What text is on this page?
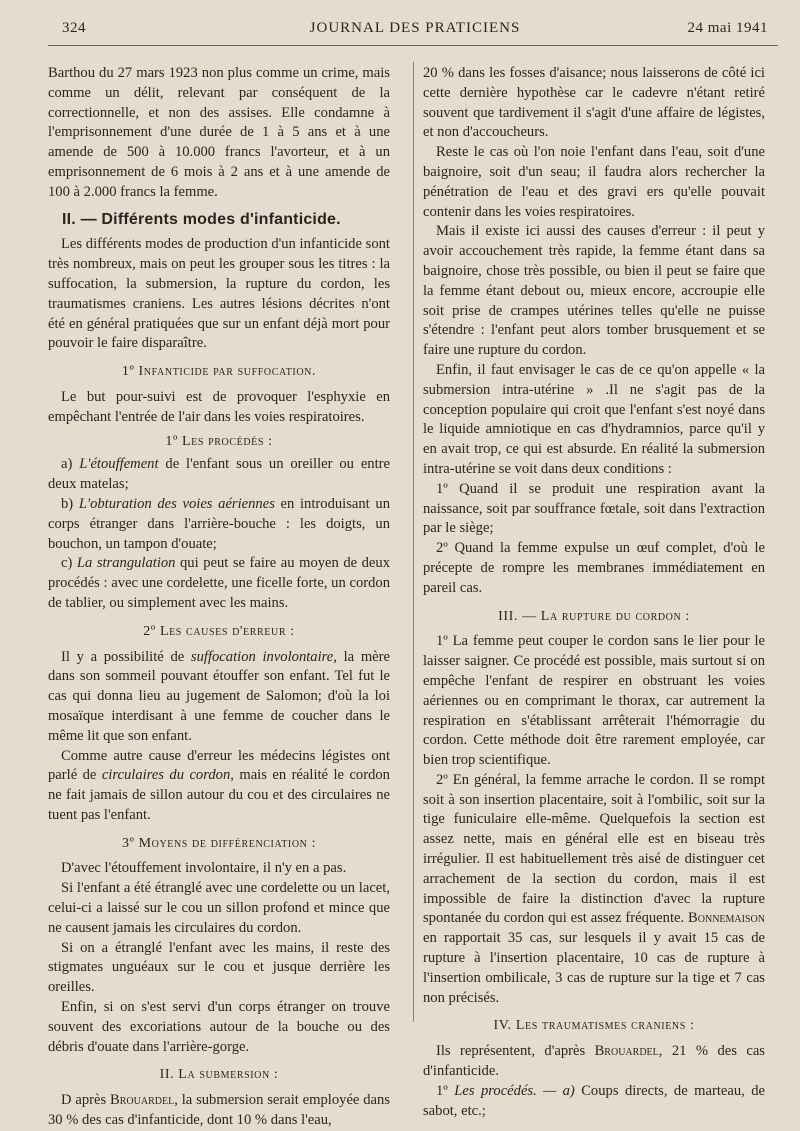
324	JOURNAL DES PRATICIENS	24 mai 1941

Barthou du 27 mars 1923 non plus comme un crime, mais comme un délit, relevant par conséquent de la correctionnelle, et non des assises. Elle condamne à l'emprisonnement d'une durée de 1 à 5 ans et à une amende de 500 à 10.000 francs l'avorteur, et à un emprisonnement de 6 mois à 2 ans et à une amende de 100 à 2.000 francs la femme.

II. — Différents modes d'infanticide.

Les différents modes de production d'un infanticide sont très nombreux, mais on peut les grouper sous les titres : la suffocation, la submersion, la rupture du cordon, les traumatismes craniens. Les autres lésions décrites n'ont été en général pratiquées que sur un enfant déjà mort pour pouvoir le faire disparaître.

1º Infanticide par suffocation.

Le but pour-suivi est de provoquer l'esphyxie en empêchant l'entrée de l'air dans les voies respiratoires.

1º Les procédés :

a) L'étouffement de l'enfant sous un oreiller ou entre deux matelas;

b) L'obturation des voies aériennes en introduisant un corps étranger dans l'arrière-bouche : les doigts, un bouchon, un tampon d'ouate;

c) La strangulation qui peut se faire au moyen de deux procédés : avec une cordelette, une ficelle forte, un cordon de tablier, ou simplement avec les mains.

2º Les causes d'erreur :

Il y a possibilité de suffocation involontaire, la mère dans son sommeil pouvant étouffer son enfant. Tel fut le cas qui donna lieu au jugement de Salomon; d'où la loi mosaïque interdisant à une femme de coucher dans le même lit que son enfant.

Comme autre cause d'erreur les médecins légistes ont parlé de circulaires du cordon, mais en réalité le cordon ne fait jamais de sillon autour du cou et des circulaires ne tuent pas l'enfant.

3º Moyens de différenciation :

D'avec l'étouffement involontaire, il n'y en a pas.

Si l'enfant a été étranglé avec une cordelette ou un lacet, celui-ci a laissé sur le cou un sillon profond et mince que ne causent jamais les circulaires du cordon.

Si on a étranglé l'enfant avec les mains, il reste des stigmates unguéaux sur le cou et jusque derrière les oreilles.

Enfin, si on s'est servi d'un corps étranger on trouve souvent des excoriations autour de la bouche ou des débris d'ouate dans l'arrière-gorge.

II. La submersion :

D après Brouardel, la submersion serait employée dans 30 % des cas d'infanticide, dont 10 % dans l'eau,

20 % dans les fosses d'aisance; nous laisserons de côté ici cette dernière hypothèse car le cadevre n'étant retiré souvent que tardivement il s'agit d'une affaire de légistes, et non d'accoucheurs.

Reste le cas où l'on noie l'enfant dans l'eau, soit d'une baignoire, soit d'un seau; il faudra alors rechercher la pénétration de l'eau et des gravi ers qu'elle pouvait contenir dans les voies respiratoires.

Mais il existe ici aussi des causes d'erreur : il peut y avoir accouchement très rapide, la femme étant dans sa baignoire, chose très possible, ou bien il peut se faire que la femme étant debout ou, mieux encore, accroupie elle soit prise de crampes utérines telles qu'elle ne puisse s'étendre : l'enfant peut alors tomber brusquement et se faire une rupture du cordon.

Enfin, il faut envisager le cas de ce qu'on appelle « la submersion intra-utérine » .Il ne s'agit pas de la conception populaire qui croit que l'enfant s'est noyé dans le liquide amniotique en cas d'hydramnios, parce qu'il y en avait trop, ce qui est absurde. En réalité la submersion intra-utérine se voit dans deux conditions :

1º Quand il se produit une respiration avant la naissance, soit par souffrance fœtale, soit dans l'extraction par le siège;

2º Quand la femme expulse un œuf complet, d'où le précepte de rompre les membranes immédiatement en pareil cas.

III. — La rupture du cordon :

1º La femme peut couper le cordon sans le lier pour le laisser saigner. Ce procédé est possible, mais surtout si on empêche l'enfant de respirer en obstruant les voies aériennes ou en comprimant le thorax, car autrement la respiration en s'établissant arrêterait l'hémorragie du cordon. Cette méthode doit être rarement employée, car bien trop scientifique.

2º En général, la femme arrache le cordon. Il se rompt soit à son insertion placentaire, soit à l'ombilic, soit sur la tige funiculaire elle-même. Quelquefois la section est assez nette, mais en général elle est en biseau très irrégulier. Il est habituellement très aisé de distinguer cet arrachement de la section du cordon, mais il est impossible de faire la distinction d'avec la rupture spontanée du cordon qui est assez fréquente. Bonnemaison en rapportait 35 cas, sur lesquels il y avait 15 cas de rupture à l'insertion placentaire, 10 cas de rupture à l'insertion ombilicale, 3 cas de rupture sur la tige et 7 cas non précisés.

IV. Les traumatismes craniens :

Ils représentent, d'après Brouardel, 21 % des cas d'infanticide.

1º Les procédés. — a) Coups directs, de marteau, de sabot, etc.;
